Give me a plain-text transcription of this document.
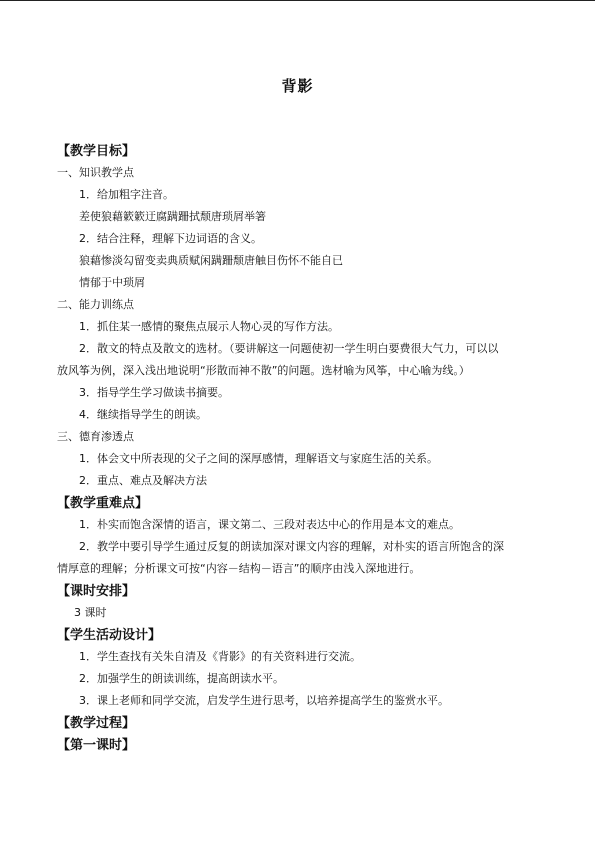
背影
【教学目标】
一、知识教学点
1．给加粗字注音。
差使狼藉簌簌迂腐蹒跚拭颓唐琐屑举箸
2．结合注释，理解下边词语的含义。
狼藉惨淡勾留变卖典质赋闲蹒跚颓唐触目伤怀不能自已
情郁于中琐屑
二、能力训练点
1．抓住某一感情的聚焦点展示人物心灵的写作方法。
2．散文的特点及散文的选材。（要讲解这一问题使初一学生明白要费很大气力，可以以
放风筝为例，深入浅出地说明“形散而神不散”的问题。选材喻为风筝，中心喻为线。）
3．指导学生学习做读书摘要。
4．继续指导学生的朗读。
三、德育渗透点
1．体会文中所表现的父子之间的深厚感情，理解语文与家庭生活的关系。
2．重点、难点及解决方法
【教学重难点】
1．朴实而饱含深情的语言，课文第二、三段对表达中心的作用是本文的难点。
2．教学中要引导学生通过反复的朗读加深对课文内容的理解，对朴实的语言所饱含的深
情厚意的理解；分析课文可按“内容－结构－语言”的顺序由浅入深地进行。
【课时安排】
3 课时
【学生活动设计】
1．学生查找有关朱自清及《背影》的有关资料进行交流。
2．加强学生的朗读训练，提高朗读水平。
3．课上老师和同学交流，启发学生进行思考，以培养提高学生的鉴赏水平。
【教学过程】
【第一课时】
